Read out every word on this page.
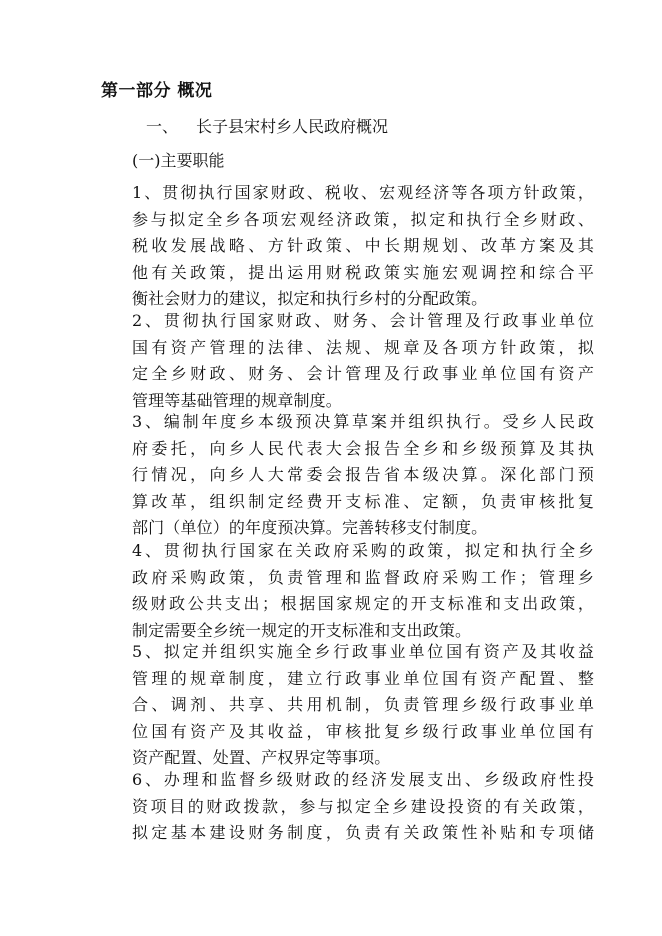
第一部分 概况
一、 长子县宋村乡人民政府概况
(一)主要职能
1、贯彻执行国家财政、税收、宏观经济等各项方针政策，
参与拟定全乡各项宏观经济政策，拟定和执行全乡财政、
税收发展战略、方针政策、中长期规划、改革方案及其
他有关政策，提出运用财税政策实施宏观调控和综合平
衡社会财力的建议，拟定和执行乡村的分配政策。
2、贯彻执行国家财政、财务、会计管理及行政事业单位
国有资产管理的法律、法规、规章及各项方针政策，拟
定全乡财政、财务、会计管理及行政事业单位国有资产
管理等基础管理的规章制度。
3、编制年度乡本级预决算草案并组织执行。受乡人民政
府委托，向乡人民代表大会报告全乡和乡级预算及其执
行情况，向乡人大常委会报告省本级决算。深化部门预
算改革，组织制定经费开支标准、定额，负责审核批复
部门（单位）的年度预决算。完善转移支付制度。
4、贯彻执行国家在关政府采购的政策，拟定和执行全乡
政府采购政策，负责管理和监督政府采购工作；管理乡
级财政公共支出；根据国家规定的开支标准和支出政策，
制定需要全乡统一规定的开支标准和支出政策。
5、拟定并组织实施全乡行政事业单位国有资产及其收益
管理的规章制度，建立行政事业单位国有资产配置、整
合、调剂、共享、共用机制，负责管理乡级行政事业单
位国有资产及其收益，审核批复乡级行政事业单位国有
资产配置、处置、产权界定等事项。
6、办理和监督乡级财政的经济发展支出、乡级政府性投
资项目的财政拨款，参与拟定全乡建设投资的有关政策，
拟定基本建设财务制度，负责有关政策性补贴和专项储
